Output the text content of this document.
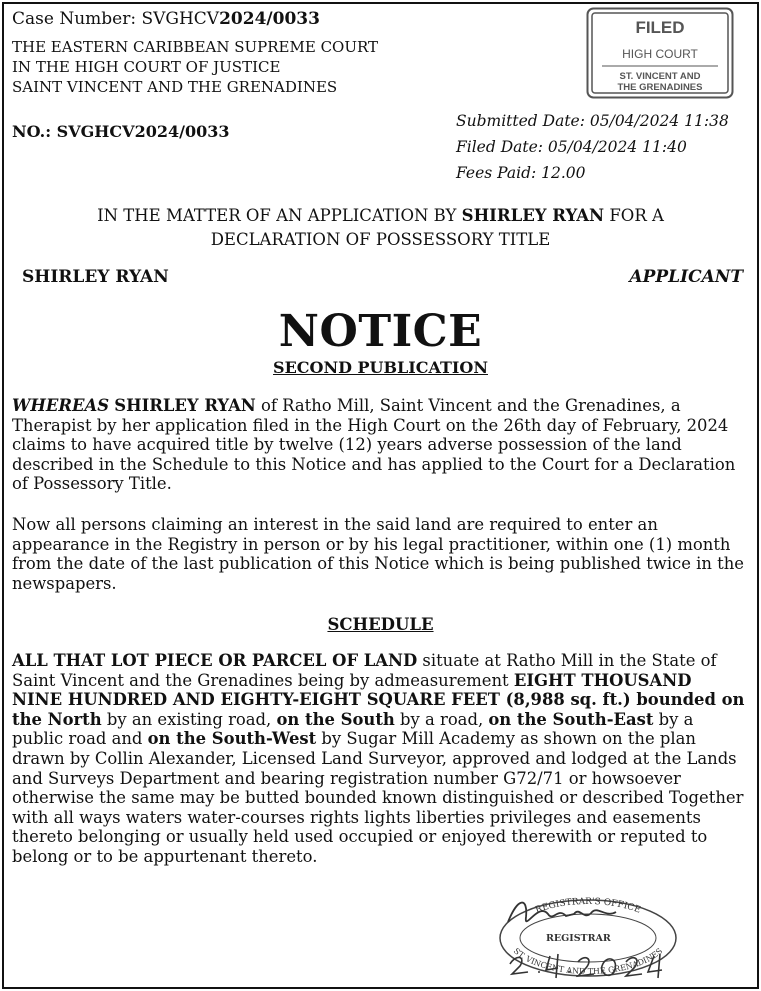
Case Number: SVGHCV2024/0033
THE EASTERN CARIBBEAN SUPREME COURT
IN THE HIGH COURT OF JUSTICE
SAINT VINCENT AND THE GRENADINES
NO.: SVGHCV2024/0033
FILED
HIGH COURT
ST. VINCENT AND
THE GRENADINES
Submitted Date: 05/04/2024 11:38
Filed Date: 05/04/2024 11:40
Fees Paid: 12.00
IN THE MATTER OF AN APPLICATION BY SHIRLEY RYAN FOR A DECLARATION OF POSSESSORY TITLE
SHIRLEY RYAN	APPLICANT
NOTICE
SECOND PUBLICATION
WHEREAS SHIRLEY RYAN of Ratho Mill, Saint Vincent and the Grenadines, a Therapist by her application filed in the High Court on the 26th day of February, 2024 claims to have acquired title by twelve (12) years adverse possession of the land described in the Schedule to this Notice and has applied to the Court for a Declaration of Possessory Title.
Now all persons claiming an interest in the said land are required to enter an appearance in the Registry in person or by his legal practitioner, within one (1) month from the date of the last publication of this Notice which is being published twice in the newspapers.
SCHEDULE
ALL THAT LOT PIECE OR PARCEL OF LAND situate at Ratho Mill in the State of Saint Vincent and the Grenadines being by admeasurement EIGHT THOUSAND NINE HUNDRED AND EIGHTY-EIGHT SQUARE FEET (8,988 sq. ft.) bounded on the North by an existing road, on the South by a road, on the South-East by a public road and on the South-West by Sugar Mill Academy as shown on the plan drawn by Collin Alexander, Licensed Land Surveyor, approved and lodged at the Lands and Surveys Department and bearing registration number G72/71 or howsoever otherwise the same may be butted bounded known distinguished or described Together with all ways waters water-courses rights lights liberties privileges and easements thereto belonging or usually held used occupied or enjoyed therewith or reputed to belong or to be appurtenant thereto.
REGISTRAR'S OFFICE
REGISTRAR
ST. VINCENT AND THE GRENADINES
